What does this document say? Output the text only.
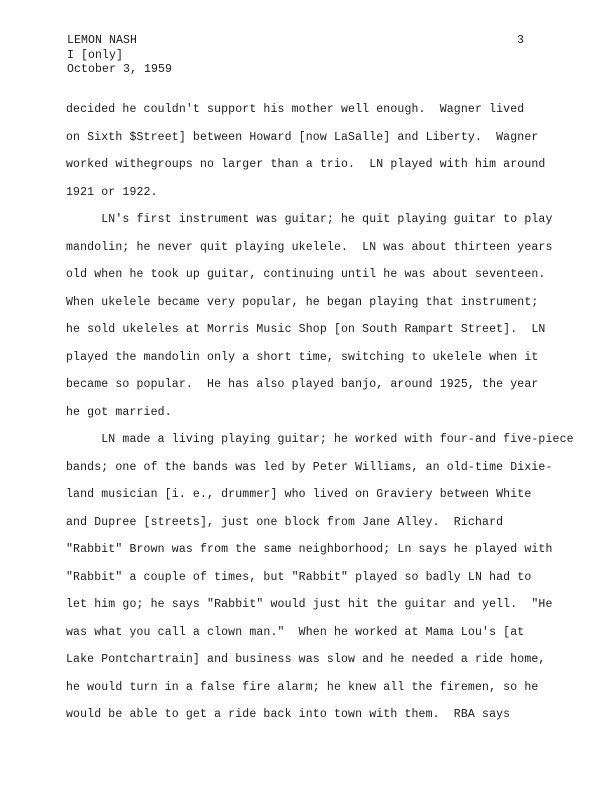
LEMON NASH
I [only]
October 3, 1959
3
decided he couldn't support his mother well enough.  Wagner lived
on Sixth $Street] between Howard [now LaSalle] and Liberty.  Wagner
worked withegroups no larger than a trio.  LN played with him around
1921 or 1922.
LN's first instrument was guitar; he quit playing guitar to play
mandolin; he never quit playing ukelele.  LN was about thirteen years
old when he took up guitar, continuing until he was about seventeen.
When ukelele became very popular, he began playing that instrument;
he sold ukeleles at Morris Music Shop [on South Rampart Street].  LN
played the mandolin only a short time, switching to ukelele when it
became so popular.  He has also played banjo, around 1925, the year
he got married.
LN made a living playing guitar; he worked with four-and five-piece
bands; one of the bands was led by Peter Williams, an old-time Dixie-
land musician [i. e., drummer] who lived on Graviery between White
and Dupree [streets], just one block from Jane Alley.  Richard
"Rabbit" Brown was from the same neighborhood; Ln says he played with
"Rabbit" a couple of times, but "Rabbit" played so badly LN had to
let him go; he says "Rabbit" would just hit the guitar and yell.  "He
was what you call a clown man."  When he worked at Mama Lou's [at
Lake Pontchartrain] and business was slow and he needed a ride home,
he would turn in a false fire alarm; he knew all the firemen, so he
would be able to get a ride back into town with them.  RBA says
